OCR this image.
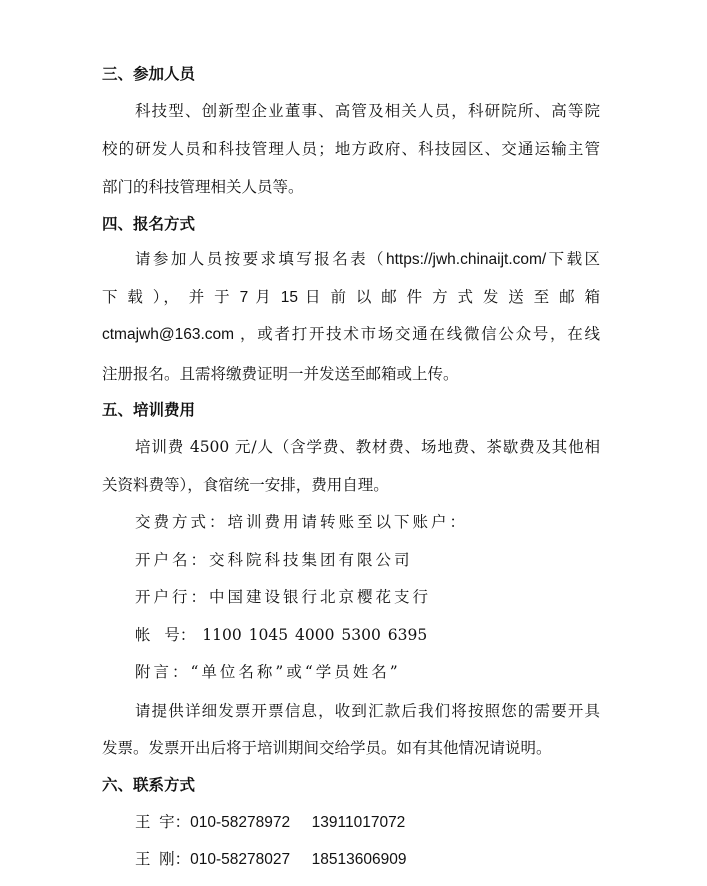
三、参加人员
科技型、创新型企业董事、高管及相关人员，科研院所、高等院
校的研发人员和科技管理人员；地方政府、科技园区、交通运输主管
部门的科技管理相关人员等。
四、报名方式
请参加人员按要求填写报名表（https://jwh.chinaijt.com/下载区
下 载 ）， 并 于 7 月 15 日 前 以 邮 件 方 式 发 送 至 邮 箱
ctmajwh@163.com ，或者打开技术市场交通在线微信公众号，在线
注册报名。且需将缴费证明一并发送至邮箱或上传。
五、培训费用
培训费 4500 元/人（含学费、教材费、场地费、茶歇费及其他相
关资料费等），食宿统一安排，费用自理。
交费方式：培训费用请转账至以下账户：
开户名：交科院科技集团有限公司
开户行：中国建设银行北京樱花支行
帐  号： 1100 1045 4000 5300 6395
附言：“单位名称”或“学员姓名”
请提供详细发票开票信息，收到汇款后我们将按照您的需要开具
发票。发票开出后将于培训期间交给学员。如有其他情况请说明。
六、联系方式
王  宇：010-58278972     13911017072
王  刚：010-58278027     18513606909
